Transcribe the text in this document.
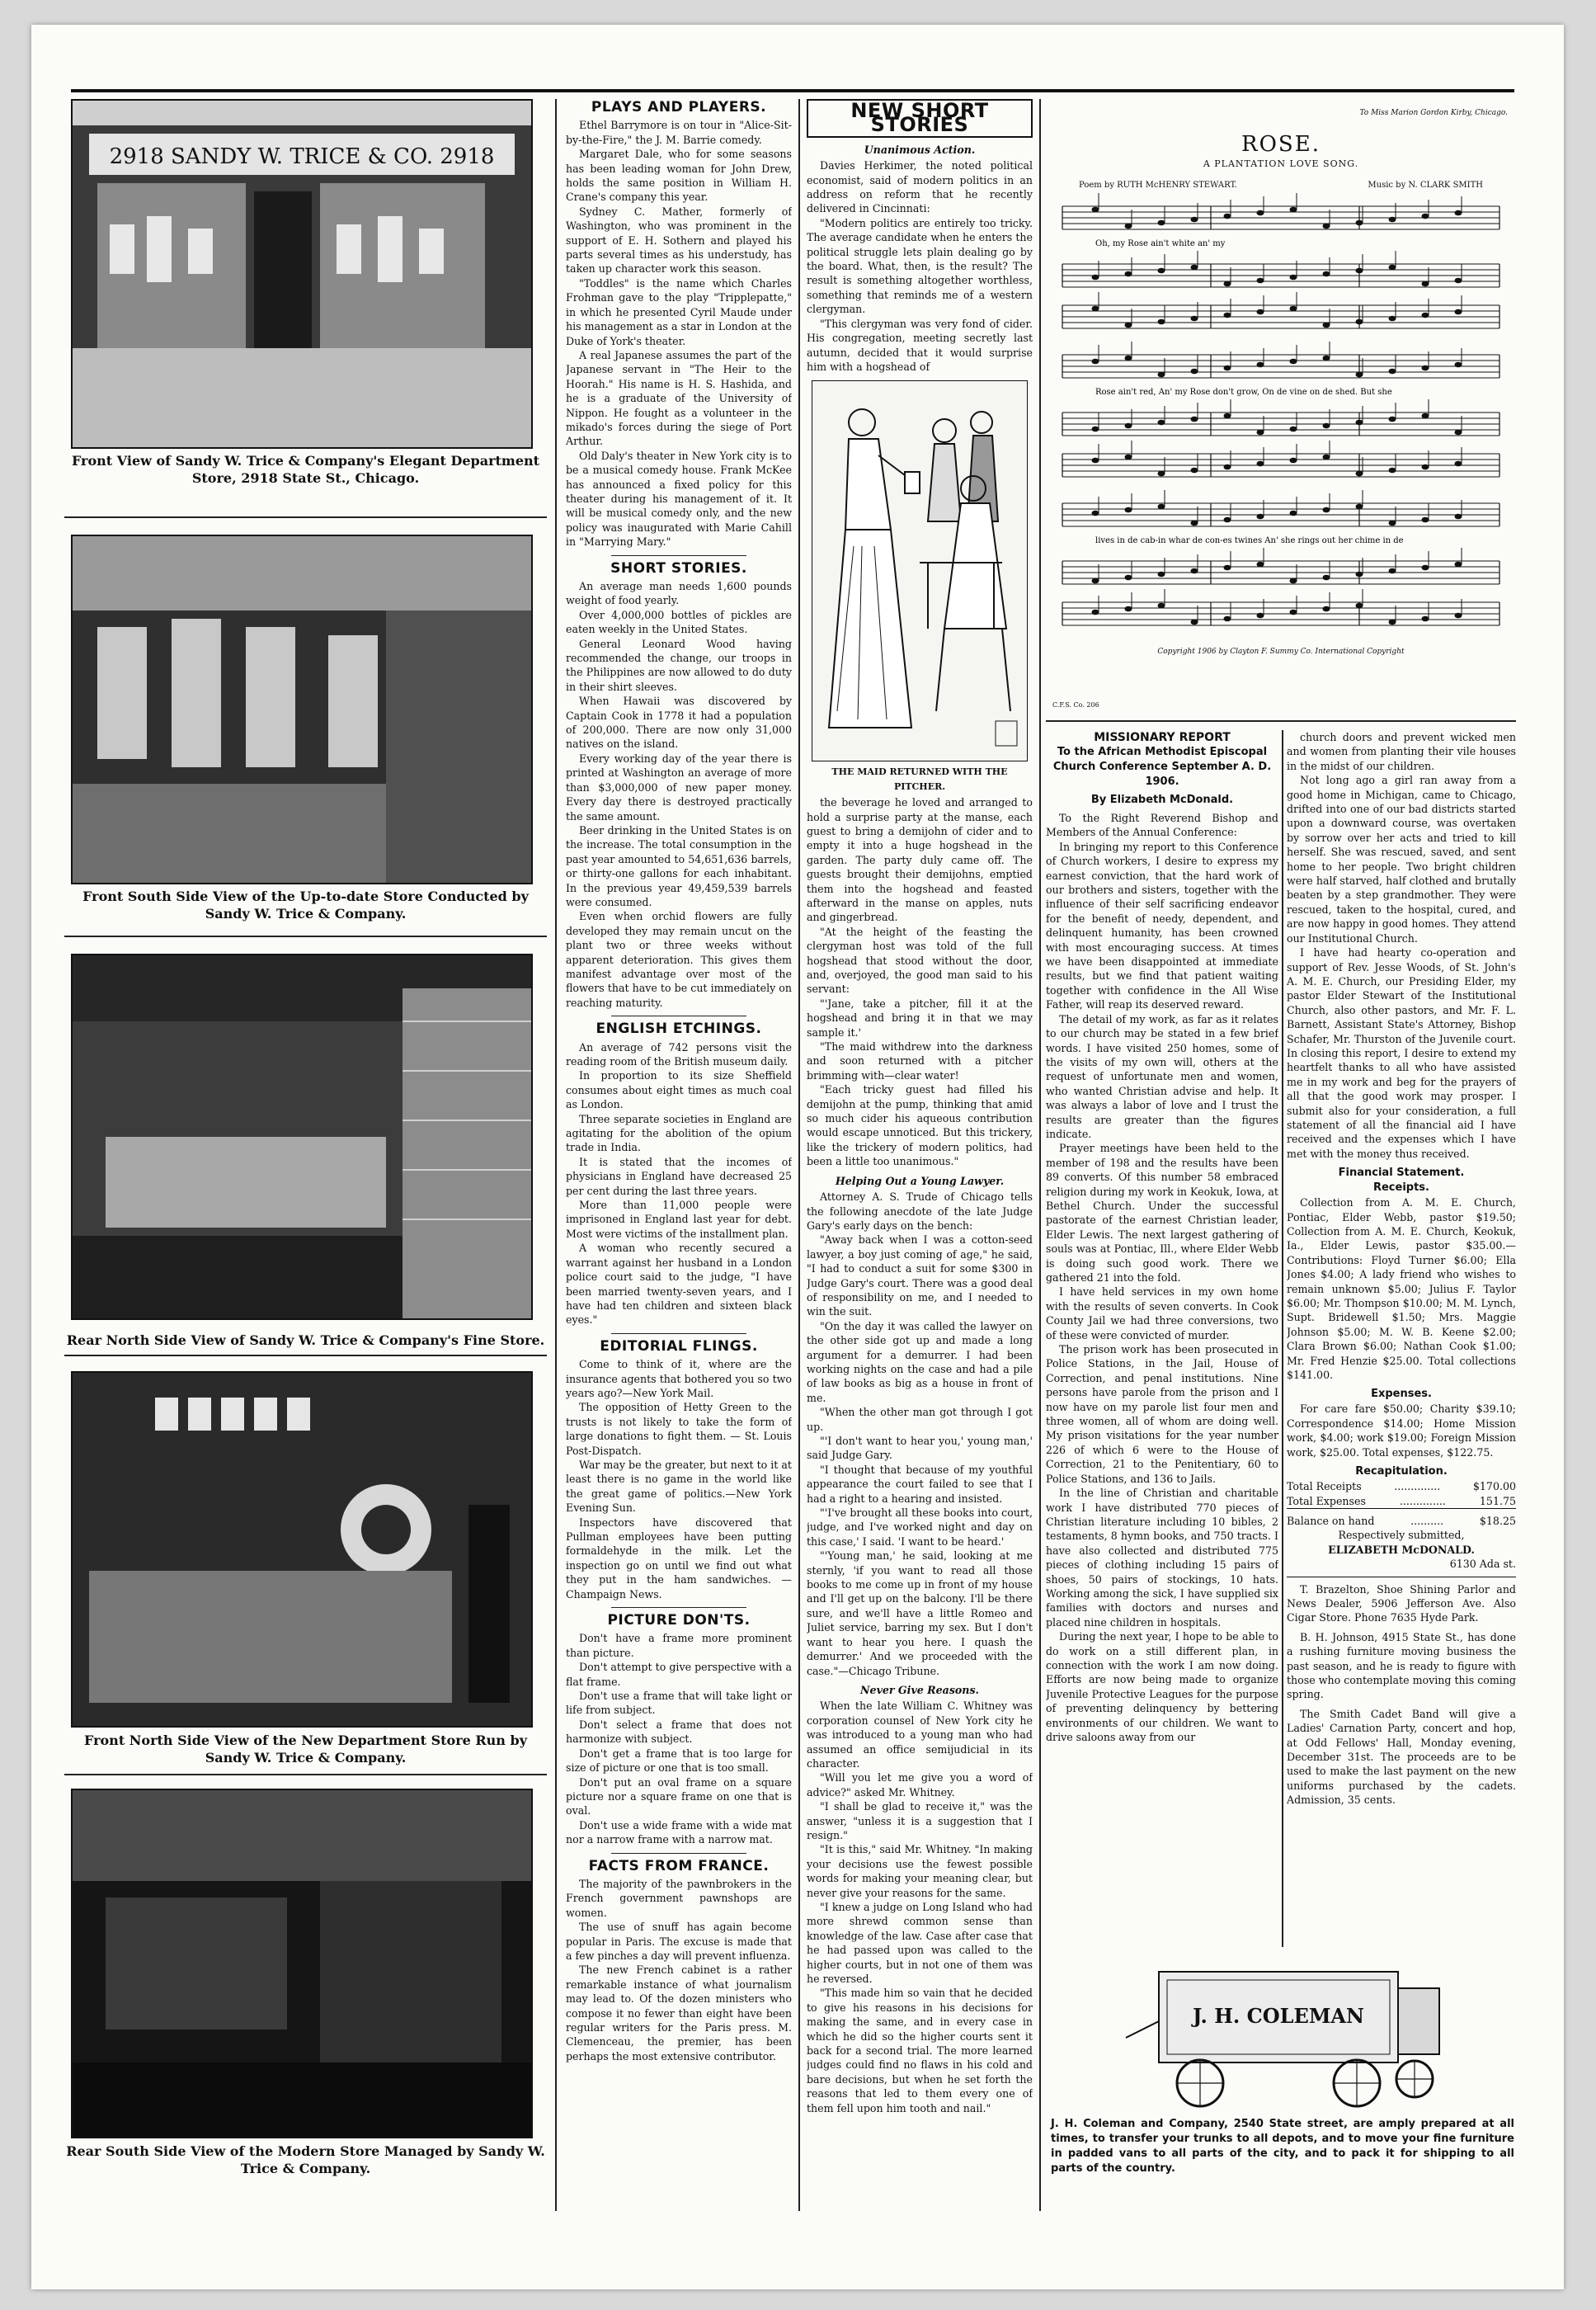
2918 SANDY W. TRICE & CO. 2918
Front View of Sandy W. Trice & Company's Elegant Department Store, 2918 State St., Chicago.
Front South Side View of the Up-to-date Store Conducted by Sandy W. Trice & Company.
Rear North Side View of Sandy W. Trice & Company's Fine Store.
Front North Side View of the New Department Store Run by Sandy W. Trice & Company.
Rear South Side View of the Modern Store Managed by Sandy W. Trice & Company.
PLAYS AND PLAYERS.

Ethel Barrymore is on tour in "Alice-Sit-by-the-Fire," the J. M. Barrie comedy.

Margaret Dale, who for some seasons has been leading woman for John Drew, holds the same position in William H. Crane's company this year.

Sydney C. Mather, formerly of Washington, who was prominent in the support of E. H. Sothern and played his parts several times as his understudy, has taken up character work this season.

"Toddles" is the name which Charles Frohman gave to the play "Tripplepatte," in which he presented Cyril Maude under his management as a star in London at the Duke of York's theater.

A real Japanese assumes the part of the Japanese servant in "The Heir to the Hoorah." His name is H. S. Hashida, and he is a graduate of the University of Nippon. He fought as a volunteer in the mikado's forces during the siege of Port Arthur.

Old Daly's theater in New York city is to be a musical comedy house. Frank McKee has announced a fixed policy for this theater during his management of it. It will be musical comedy only, and the new policy was inaugurated with Marie Cahill in "Marrying Mary."

SHORT STORIES.

An average man needs 1,600 pounds weight of food yearly.

Over 4,000,000 bottles of pickles are eaten weekly in the United States.

General Leonard Wood having recommended the change, our troops in the Philippines are now allowed to do duty in their shirt sleeves.

When Hawaii was discovered by Captain Cook in 1778 it had a population of 200,000. There are now only 31,000 natives on the island.

Every working day of the year there is printed at Washington an average of more than $3,000,000 of new paper money. Every day there is destroyed practically the same amount.

Beer drinking in the United States is on the increase. The total consumption in the past year amounted to 54,651,636 barrels, or thirty-one gallons for each inhabitant. In the previous year 49,459,539 barrels were consumed.

Even when orchid flowers are fully developed they may remain uncut on the plant two or three weeks without apparent deterioration. This gives them manifest advantage over most of the flowers that have to be cut immediately on reaching maturity.

ENGLISH ETCHINGS.

An average of 742 persons visit the reading room of the British museum daily.

In proportion to its size Sheffield consumes about eight times as much coal as London.

Three separate societies in England are agitating for the abolition of the opium trade in India.

It is stated that the incomes of physicians in England have decreased 25 per cent during the last three years.

More than 11,000 people were imprisoned in England last year for debt. Most were victims of the installment plan.

A woman who recently secured a warrant against her husband in a London police court said to the judge, "I have been married twenty-seven years, and I have had ten children and sixteen black eyes."

EDITORIAL FLINGS.

Come to think of it, where are the insurance agents that bothered you so two years ago?—New York Mail.

The opposition of Hetty Green to the trusts is not likely to take the form of large donations to fight them. — St. Louis Post-Dispatch.

War may be the greater, but next to it at least there is no game in the world like the great game of politics.—New York Evening Sun.

Inspectors have discovered that Pullman employees have been putting formaldehyde in the milk. Let the inspection go on until we find out what they put in the ham sandwiches. — Champaign News.

PICTURE DON'TS.

Don't have a frame more prominent than picture.

Don't attempt to give perspective with a flat frame.

Don't use a frame that will take light or life from subject.

Don't select a frame that does not harmonize with subject.

Don't get a frame that is too large for size of picture or one that is too small.

Don't put an oval frame on a square picture nor a square frame on one that is oval.

Don't use a wide frame with a wide mat nor a narrow frame with a narrow mat.

FACTS FROM FRANCE.

The majority of the pawnbrokers in the French government pawnshops are women.

The use of snuff has again become popular in Paris. The excuse is made that a few pinches a day will prevent influenza.

The new French cabinet is a rather remarkable instance of what journalism may lead to. Of the dozen ministers who compose it no fewer than eight have been regular writers for the Paris press. M. Clemenceau, the premier, has been perhaps the most extensive contributor.

NEW SHORT STORIES
Unanimous Action.

Davies Herkimer, the noted political economist, said of modern politics in an address on reform that he recently delivered in Cincinnati:

"Modern politics are entirely too tricky. The average candidate when he enters the political struggle lets plain dealing go by the board. What, then, is the result? The result is something altogether worthless, something that reminds me of a western clergyman.

"This clergyman was very fond of cider. His congregation, meeting secretly last autumn, decided that it would surprise him with a hogshead of

THE MAID RETURNED WITH THE PITCHER.

the beverage he loved and arranged to hold a surprise party at the manse, each guest to bring a demijohn of cider and to empty it into a huge hogshead in the garden. The party duly came off. The guests brought their demijohns, emptied them into the hogshead and feasted afterward in the manse on apples, nuts and gingerbread.

"At the height of the feasting the clergyman host was told of the full hogshead that stood without the door, and, overjoyed, the good man said to his servant:

"'Jane, take a pitcher, fill it at the hogshead and bring it in that we may sample it.'

"The maid withdrew into the darkness and soon returned with a pitcher brimming with—clear water!

"Each tricky guest had filled his demijohn at the pump, thinking that amid so much cider his aqueous contribution would escape unnoticed. But this trickery, like the trickery of modern politics, had been a little too unanimous."

Helping Out a Young Lawyer.

Attorney A. S. Trude of Chicago tells the following anecdote of the late Judge Gary's early days on the bench:

"Away back when I was a cotton-seed lawyer, a boy just coming of age," he said, "I had to conduct a suit for some $300 in Judge Gary's court. There was a good deal of responsibility on me, and I needed to win the suit.

"On the day it was called the lawyer on the other side got up and made a long argument for a demurrer. I had been working nights on the case and had a pile of law books as big as a house in front of me.

"When the other man got through I got up.

"'I don't want to hear you,' young man,' said Judge Gary.

"I thought that because of my youthful appearance the court failed to see that I had a right to a hearing and insisted.

"'I've brought all these books into court, judge, and I've worked night and day on this case,' I said. 'I want to be heard.'

"'Young man,' he said, looking at me sternly, 'if you want to read all those books to me come up in front of my house and I'll get up on the balcony. I'll be there sure, and we'll have a little Romeo and Juliet service, barring my sex. But I don't want to hear you here. I quash the demurrer.' And we proceeded with the case."—Chicago Tribune.

Never Give Reasons.

When the late William C. Whitney was corporation counsel of New York city he was introduced to a young man who had assumed an office semijudicial in its character.

"Will you let me give you a word of advice?" asked Mr. Whitney.

"I shall be glad to receive it," was the answer, "unless it is a suggestion that I resign."

"It is this," said Mr. Whitney. "In making your decisions use the fewest possible words for making your meaning clear, but never give your reasons for the same.

"I knew a judge on Long Island who had more shrewd common sense than knowledge of the law. Case after case that he had passed upon was called to the higher courts, but in not one of them was he reversed.

"This made him so vain that he decided to give his reasons in his decisions for making the same, and in every case in which he did so the higher courts sent it back for a second trial. The more learned judges could find no flaws in his cold and bare decisions, but when he set forth the reasons that led to them every one of them fell upon him tooth and nail."

To Miss Marion Gordon Kirby, Chicago.
ROSE.
A PLANTATION LOVE SONG.
Poem by RUTH McHENRY STEWART.	Music by N. CLARK SMITH
Oh, my Rose ain't white an' my
Rose ain't red, An' my Rose don't grow, On de vine on de shed. But she
lives in de cab-in whar de con-es twines An' she rings out her chime in de
Copyright 1906 by Clayton F. Summy Co. International Copyright
C.F.S. Co. 206
MISSIONARY REPORT
To the African Methodist Episcopal Church Conference September A. D. 1906.
By Elizabeth McDonald.

To the Right Reverend Bishop and Members of the Annual Conference:

In bringing my report to this Conference of Church workers, I desire to express my earnest conviction, that the hard work of our brothers and sisters, together with the influence of their self sacrificing endeavor for the benefit of needy, dependent, and delinquent humanity, has been crowned with most encouraging success. At times we have been disappointed at immediate results, but we find that patient waiting together with confidence in the All Wise Father, will reap its deserved reward.

The detail of my work, as far as it relates to our church may be stated in a few brief words. I have visited 250 homes, some of the visits of my own will, others at the request of unfortunate men and women, who wanted Christian advise and help. It was always a labor of love and I trust the results are greater than the figures indicate.

Prayer meetings have been held to the member of 198 and the results have been 89 converts. Of this number 58 embraced religion during my work in Keokuk, Iowa, at Bethel Church. Under the successful pastorate of the earnest Christian leader, Elder Lewis. The next largest gathering of souls was at Pontiac, Ill., where Elder Webb is doing such good work. There we gathered 21 into the fold.

I have held services in my own home with the results of seven converts. In Cook County Jail we had three conversions, two of these were convicted of murder.

The prison work has been prosecuted in Police Stations, in the Jail, House of Correction, and penal institutions. Nine persons have parole from the prison and I now have on my parole list four men and three women, all of whom are doing well. My prison visitations for the year number 226 of which 6 were to the House of Correction, 21 to the Penitentiary, 60 to Police Stations, and 136 to Jails.

In the line of Christian and charitable work I have distributed 770 pieces of Christian literature including 10 bibles, 2 testaments, 8 hymn books, and 750 tracts. I have also collected and distributed 775 pieces of clothing including 15 pairs of shoes, 50 pairs of stockings, 10 hats. Working among the sick, I have supplied six families with doctors and nurses and placed nine children in hospitals.

During the next year, I hope to be able to do work on a still different plan, in connection with the work I am now doing. Efforts are now being made to organize Juvenile Protective Leagues for the purpose of preventing delinquency by bettering environments of our children. We want to drive saloons away from our

church doors and prevent wicked men and women from planting their vile houses in the midst of our children.

Not long ago a girl ran away from a good home in Michigan, came to Chicago, drifted into one of our bad districts started upon a downward course, was overtaken by sorrow over her acts and tried to kill herself. She was rescued, saved, and sent home to her people. Two bright children were half starved, half clothed and brutally beaten by a step grandmother. They were rescued, taken to the hospital, cured, and are now happy in good homes. They attend our Institutional Church.

I have had hearty co-operation and support of Rev. Jesse Woods, of St. John's A. M. E. Church, our Presiding Elder, my pastor Elder Stewart of the Institutional Church, also other pastors, and Mr. F. L. Barnett, Assistant State's Attorney, Bishop Schafer, Mr. Thurston of the Juvenile court. In closing this report, I desire to extend my heartfelt thanks to all who have assisted me in my work and beg for the prayers of all that the good work may prosper. I submit also for your consideration, a full statement of all the financial aid I have received and the expenses which I have met with the money thus received.

Financial Statement.
Receipts.

Collection from A. M. E. Church, Pontiac, Elder Webb, pastor $19.50; Collection from A. M. E. Church, Keokuk, Ia., Elder Lewis, pastor $35.00.—Contributions: Floyd Turner $6.00; Ella Jones $4.00; A lady friend who wishes to remain unknown $5.00; Julius F. Taylor $6.00; Mr. Thompson $10.00; M. M. Lynch, Supt. Bridewell $1.50; Mrs. Maggie Johnson $5.00; M. W. B. Keene $2.00; Clara Brown $6.00; Nathan Cook $1.00; Mr. Fred Henzie $25.00. Total collections $141.00.

Expenses.

For care fare $50.00; Charity $39.10; Correspondence $14.00; Home Mission work, $4.00; work $19.00; Foreign Mission work, $25.00. Total expenses, $122.75.

Recapitulation.
Total Receipts	..............	$170.00
Total Expenses	..............	151.75
Balance on hand	..........	$18.25
Respectively submitted,
ELIZABETH McDONALD.
6130 Ada st.

T. Brazelton, Shoe Shining Parlor and News Dealer, 5906 Jefferson Ave. Also Cigar Store. Phone 7635 Hyde Park.

B. H. Johnson, 4915 State St., has done a rushing furniture moving business the past season, and he is ready to figure with those who contemplate moving this coming spring.

The Smith Cadet Band will give a Ladies' Carnation Party, concert and hop, at Odd Fellows' Hall, Monday evening, December 31st. The proceeds are to be used to make the last payment on the new uniforms purchased by the cadets. Admission, 35 cents.

J. H. COLEMAN
J. H. Coleman and Company, 2540 State street, are amply prepared at all times, to transfer your trunks to all depots, and to move your fine furniture in padded vans to all parts of the city, and to pack it for shipping to all parts of the country.
